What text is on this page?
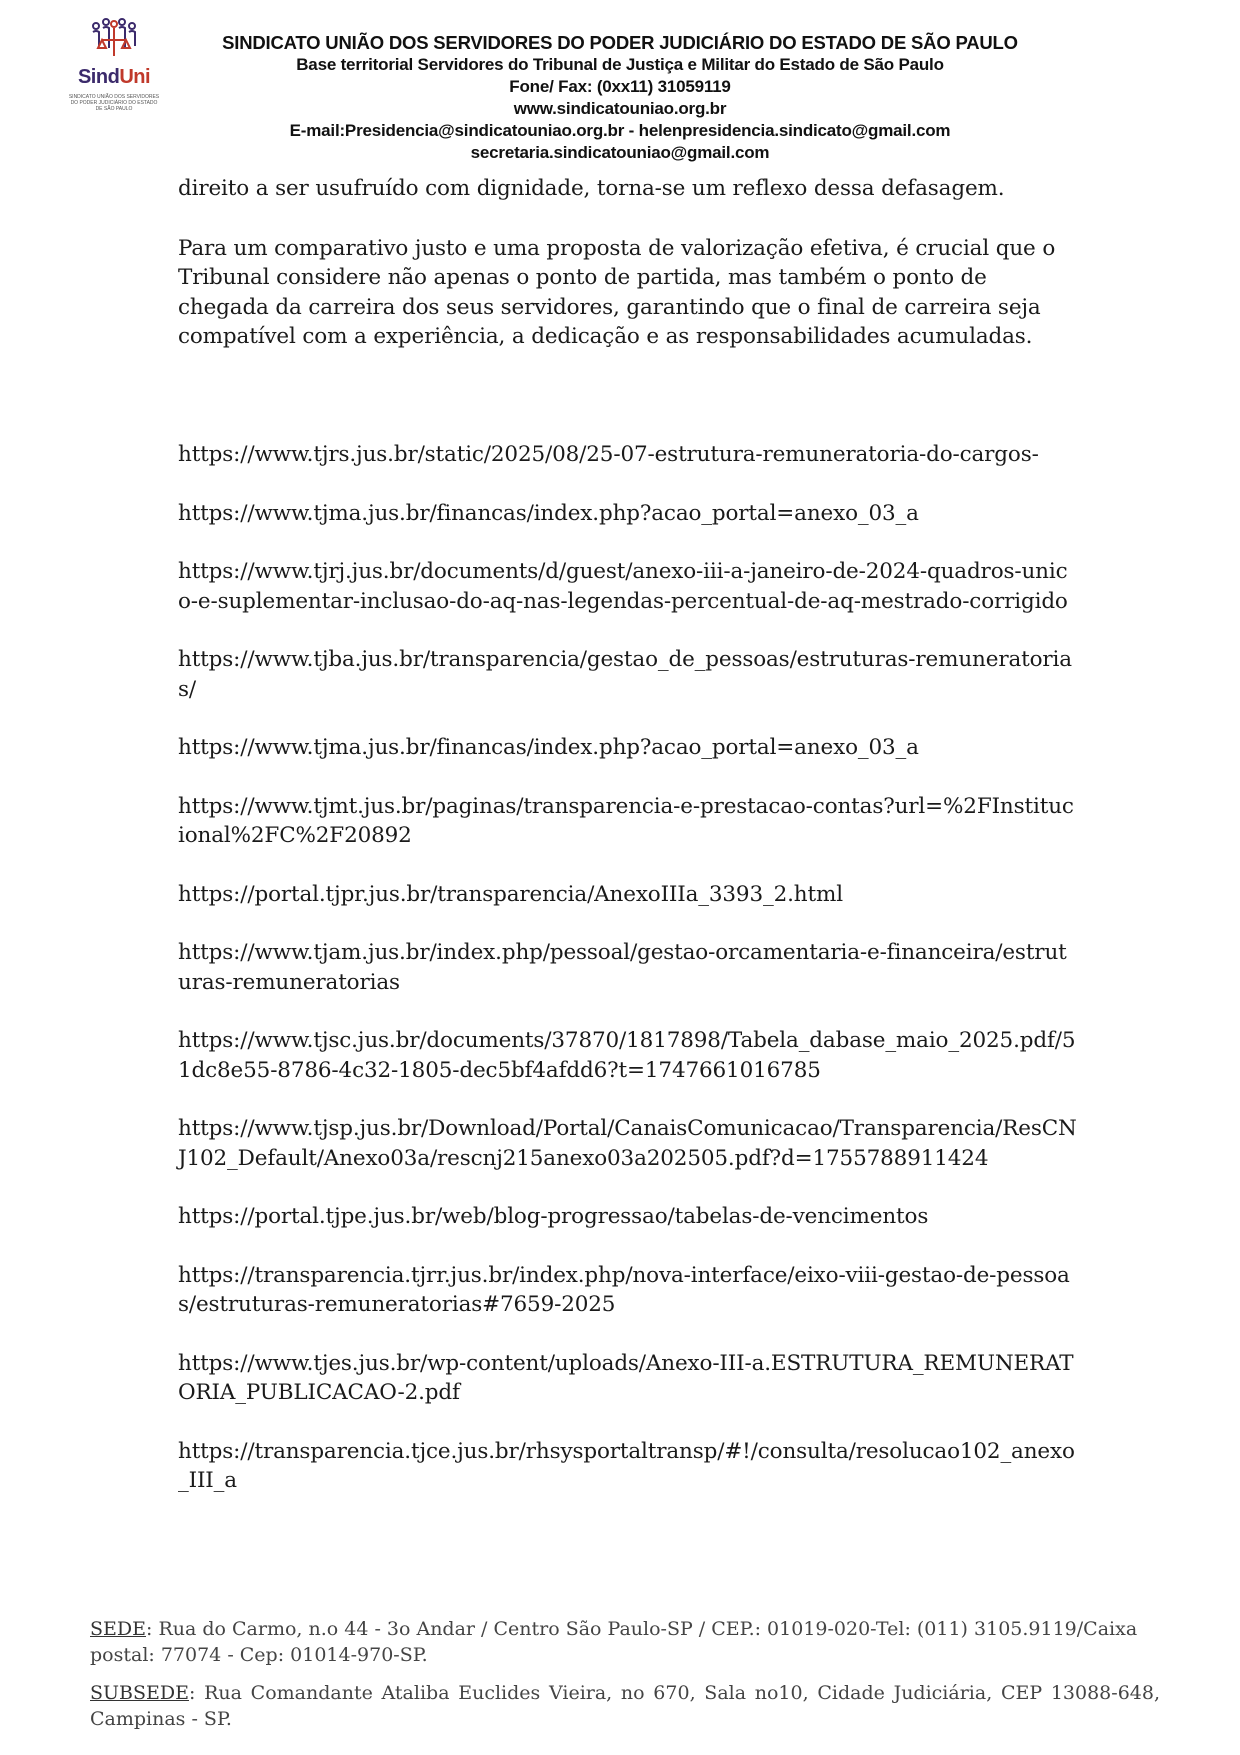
SindUni
SINDICATO UNIÃO DOS SERVIDORES DO PODER JUDICIÁRIO DO ESTADO DE SÃO PAULO
SINDICATO UNIÃO DOS SERVIDORES DO PODER JUDICIÁRIO DO ESTADO DE SÃO PAULO
Base territorial Servidores do Tribunal de Justiça e Militar do Estado de São Paulo
Fone/ Fax: (0xx11) 31059119
www.sindicatouniao.org.br
E-mail:Presidencia@sindicatouniao.org.br - helenpresidencia.sindicato@gmail.com
secretaria.sindicatouniao@gmail.com

direito a ser usufruído com dignidade, torna-se um reflexo dessa defasagem.

Para um comparativo justo e uma proposta de valorização efetiva, é crucial que o Tribunal considere não apenas o ponto de partida, mas também o ponto de chegada da carreira dos seus servidores, garantindo que o final de carreira seja compatível com a experiência, a dedicação e as responsabilidades acumuladas.

https://www.tjrs.jus.br/static/2025/08/25-07-estrutura-remuneratoria-do-cargos-

https://www.tjma.jus.br/financas/index.php?acao_portal=anexo_03_a

https://www.tjrj.jus.br/documents/d/guest/anexo-iii-a-janeiro-de-2024-quadros-unico-e-suplementar-inclusao-do-aq-nas-legendas-percentual-de-aq-mestrado-corrigido

https://www.tjba.jus.br/transparencia/gestao_de_pessoas/estruturas-remuneratorias/

https://www.tjma.jus.br/financas/index.php?acao_portal=anexo_03_a

https://www.tjmt.jus.br/paginas/transparencia-e-prestacao-contas?url=%2FInstitucional%2FC%2F20892

https://portal.tjpr.jus.br/transparencia/AnexoIIIa_3393_2.html

https://www.tjam.jus.br/index.php/pessoal/gestao-orcamentaria-e-financeira/estruturas-remuneratorias

https://www.tjsc.jus.br/documents/37870/1817898/Tabela_dabase_maio_2025.pdf/51dc8e55-8786-4c32-1805-dec5bf4afdd6?t=1747661016785

https://www.tjsp.jus.br/Download/Portal/CanaisComunicacao/Transparencia/ResCNJ102_Default/Anexo03a/rescnj215anexo03a202505.pdf?d=1755788911424

https://portal.tjpe.jus.br/web/blog-progressao/tabelas-de-vencimentos

https://transparencia.tjrr.jus.br/index.php/nova-interface/eixo-viii-gestao-de-pessoas/estruturas-remuneratorias#7659-2025

https://www.tjes.jus.br/wp-content/uploads/Anexo-III-a.ESTRUTURA_REMUNERATORIA_PUBLICACAO-2.pdf

https://transparencia.tjce.jus.br/rhsysportaltransp/#!/consulta/resolucao102_anexo_III_a

SEDE: Rua do Carmo, n.o 44 - 3o Andar / Centro São Paulo-SP / CEP.: 01019-020-Tel: (011) 3105.9119/Caixa postal: 77074 - Cep: 01014-970-SP.

SUBSEDE: Rua Comandante Ataliba Euclides Vieira, no 670, Sala no10, Cidade Judiciária, CEP 13088-648, Campinas - SP.
